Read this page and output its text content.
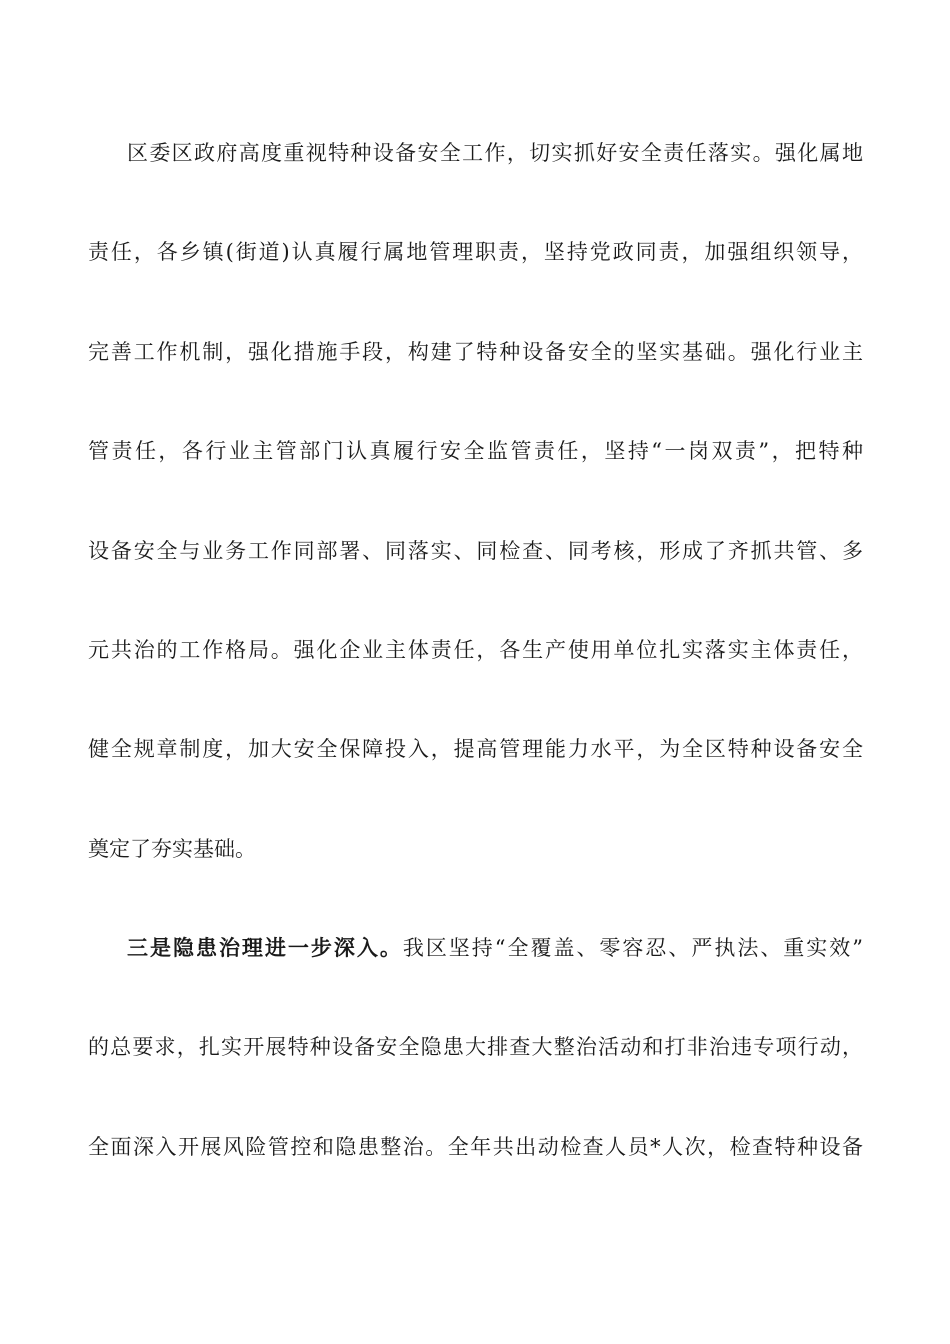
区委区政府高度重视特种设备安全工作，切实抓好安全责任落实。强化属地
责任，各乡镇(街道)认真履行属地管理职责，坚持党政同责，加强组织领导，
完善工作机制，强化措施手段，构建了特种设备安全的坚实基础。强化行业主
管责任，各行业主管部门认真履行安全监管责任，坚持“一岗双责”，把特种
设备安全与业务工作同部署、同落实、同检查、同考核，形成了齐抓共管、多
元共治的工作格局。强化企业主体责任，各生产使用单位扎实落实主体责任，
健全规章制度，加大安全保障投入，提高管理能力水平，为全区特种设备安全
奠定了夯实基础。
三是隐患治理进一步深入。我区坚持“全覆盖、零容忍、严执法、重实效”
的总要求，扎实开展特种设备安全隐患大排查大整治活动和打非治违专项行动，
全面深入开展风险管控和隐患整治。全年共出动检查人员*人次，检查特种设备
